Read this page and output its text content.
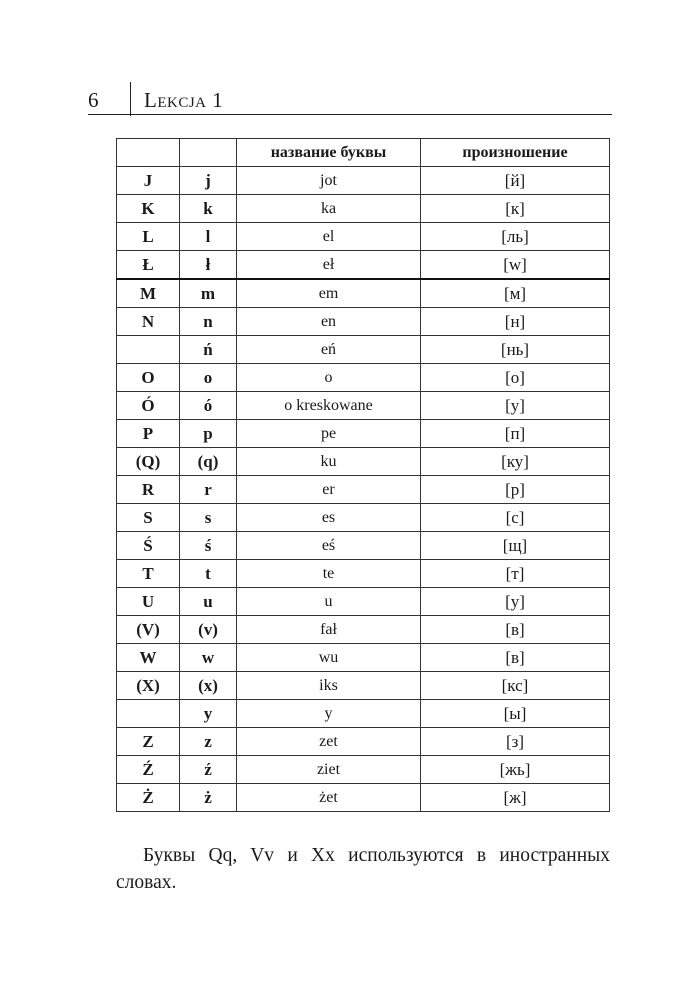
6 Lekcja 1
		название буквы	произношение
J	j	jot	[й]
K	k	ka	[к]
L	l	el	[ль]
Ł	ł	eł	[w]
M	m	em	[м]
N	n	en	[н]
	ń	eń	[нь]
O	o	o	[о]
Ó	ó	o kreskowane	[у]
P	p	pe	[п]
(Q)	(q)	ku	[ку]
R	r	er	[р]
S	s	es	[с]
Ś	ś	eś	[щ]
T	t	te	[т]
U	u	u	[у]
(V)	(v)	fał	[в]
W	w	wu	[в]
(X)	(x)	iks	[кс]
	y	y	[ы]
Z	z	zet	[з]
Ź	ź	ziet	[жь]
Ż	ż	żet	[ж]

Буквы Qq, Vv и Xx используются в иностранных словах.
